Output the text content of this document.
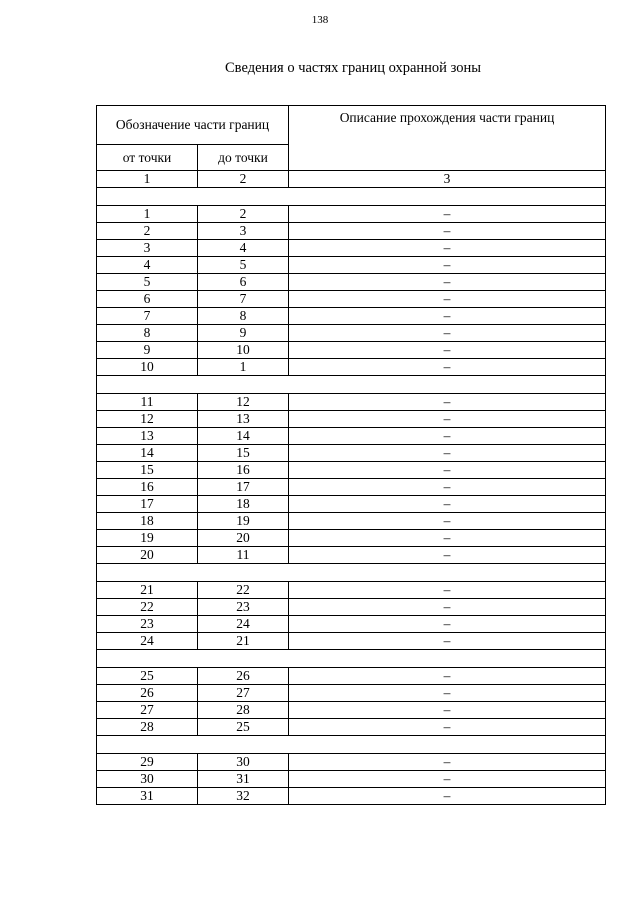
138
Сведения о частях границ охранной зоны
Обозначение части границ		Описание прохождения части границ
от точки	до точки	
1	2	3

1	2	–
2	3	–
3	4	–
4	5	–
5	6	–
6	7	–
7	8	–
8	9	–
9	10	–
10	1	–

11	12	–
12	13	–
13	14	–
14	15	–
15	16	–
16	17	–
17	18	–
18	19	–
19	20	–
20	11	–

21	22	–
22	23	–
23	24	–
24	21	–

25	26	–
26	27	–
27	28	–
28	25	–

29	30	–
30	31	–
31	32	–
